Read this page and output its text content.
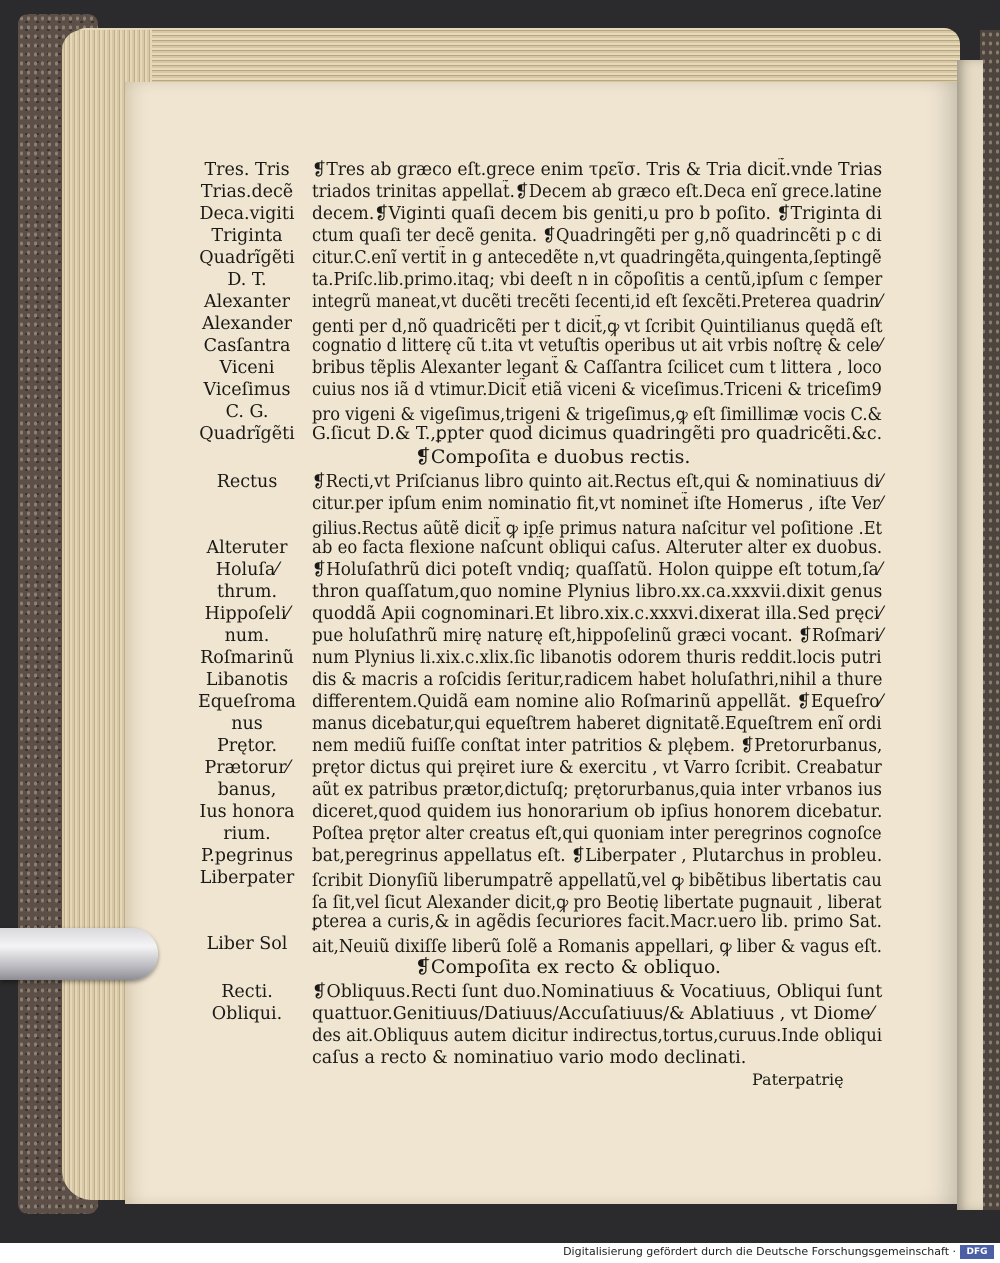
Tres. Tris
Trias.decẽ
Deca.vigiti
Triginta
Quadrĩgẽti
D. T.
Alexanter
Alexander
Casſantra
Viceni
Viceſimus
C. G.
Quadrĩgẽti
Rectus
Alteruter
Holuſa⁄
thrum.
Hippoſeli⁄
num.
Roſmarinũ
Libanotis
Equeſroma
nus
Prętor.
Prætorur⁄
banus,
Ius honora
rium.
P.pegrinus
Liberpater
Liber Sol
Recti.
Obliqui.
❡Tres ab græco eſt.grece enim τρεῖσ. Tris & Tria dicit̃.vnde Trias
triados trinitas appellat̃.❡Decem ab græco eſt.Deca enĩ grece.latine
decem.❡Viginti quaſi decem bis geniti,u pro b poſito. ❡Triginta di
ctum quaſi ter decẽ genita. ❡Quadringẽti per g,nõ quadrincẽti p c di
citur.C.enĩ vertit̃ in g antecedẽte n,vt quadringẽta,quingenta,ſeptingẽ
ta.Priſc.lib.primo.itaq; vbi deeſt n in cõpoſitis a centũ,ipſum c ſemper
integrũ maneat,vt ducẽti trecẽti ſecenti,id eſt ſexcẽti.Preterea quadrin⁄
genti per d,nõ quadricẽti per t dicit̃,ꝙ vt ſcribit Quintilianus quędã eſt
cognatio d litterę cũ t.ita vt vetuſtis operibus ut ait vrbis noſtrę & cele⁄
bribus tẽplis Alexanter legant̃ & Caſſantra ſcilicet cum t littera , loco
cuius nos iã d vtimur.Dicit̃ etiã viceni & viceſimus.Triceni & triceſim9
pro vigeni & vigeſimus,trigeni & trigeſimus,ꝙ eſt ſimillimæ vocis C.&
G.ſicut D.& T.,ꝑpter quod dicimus quadringẽti pro quadricẽti.&c.
❡Compoſita e duobus rectis.
❡Recti,vt Priſcianus libro quinto ait.Rectus eſt,qui & nominatiuus di⁄
citur.per ipſum enim nominatio fit,vt nominet̃ iſte Homerus , iſte Ver⁄
gilius.Rectus aũtẽ dicit̃ ꝙ ipſe primus natura naſcitur vel poſitione .Et
ab eo facta flexione naſcunt̃ obliqui caſus. Alteruter alter ex duobus.
❡Holuſathrũ dici poteſt vndiq; quaſſatũ. Holon quippe eſt totum,ſa⁄
thron quaſſatum,quo nomine Plynius libro.xx.ca.xxxvii.dixit genus
quoddã Apii cognominari.Et libro.xix.c.xxxvi.dixerat illa.Sed pręci⁄
pue holuſathrũ mirę naturę eſt,hippoſelinũ græci vocant. ❡Roſmari⁄
num Plynius li.xix.c.xlix.ſic libanotis odorem thuris reddit.locis putri
dis & macris a roſcidis ſeritur,radicem habet holuſathri,nihil a thure
differentem.Quidã eam nomine alio Roſmarinũ appellãt. ❡Equeſro⁄
manus dicebatur,qui equeſtrem haberet dignitatẽ.Equeſtrem enĩ ordi
nem mediũ fuiſſe conſtat inter patritios & plębem. ❡Pretorurbanus,
prętor dictus qui pręiret iure & exercitu , vt Varro ſcribit. Creabatur
aũt ex patribus prætor,dictuſq; prętorurbanus,quia inter vrbanos ius
diceret,quod quidem ius honorarium ob ipſius honorem dicebatur.
Poſtea prętor alter creatus eſt,qui quoniam inter peregrinos cognoſce
bat,peregrinus appellatus eſt. ❡Liberpater , Plutarchus in probleu.
ſcribit Dionyſiũ liberumpatrẽ appellatũ,vel ꝙ bibẽtibus libertatis cau
ſa ſit,vel ſicut Alexander dicit,ꝙ pro Beotię libertate pugnauit , liberat
ꝑterea a curis,& in agẽdis ſecuriores facit.Macr.uero lib. primo Sat.
ait,Neuiũ dixiſſe liberũ ſolẽ a Romanis appellari, ꝙ liber & vagus eſt.
❡Compoſita ex recto & obliquo.
❡Obliquus.Recti ſunt duo.Nominatiuus & Vocatiuus, Obliqui ſunt
quattuor.Genitiuus/Datiuus/Accuſatiuus/& Ablatiuus , vt Diome⁄
des ait.Obliquus autem dicitur indirectus,tortus,curuus.Inde obliqui
caſus a recto & nominatiuo vario modo declinati.
Paterpatrię
Digitalisierung gefördert durch die Deutsche Forschungsgemeinschaft ·	DFG
